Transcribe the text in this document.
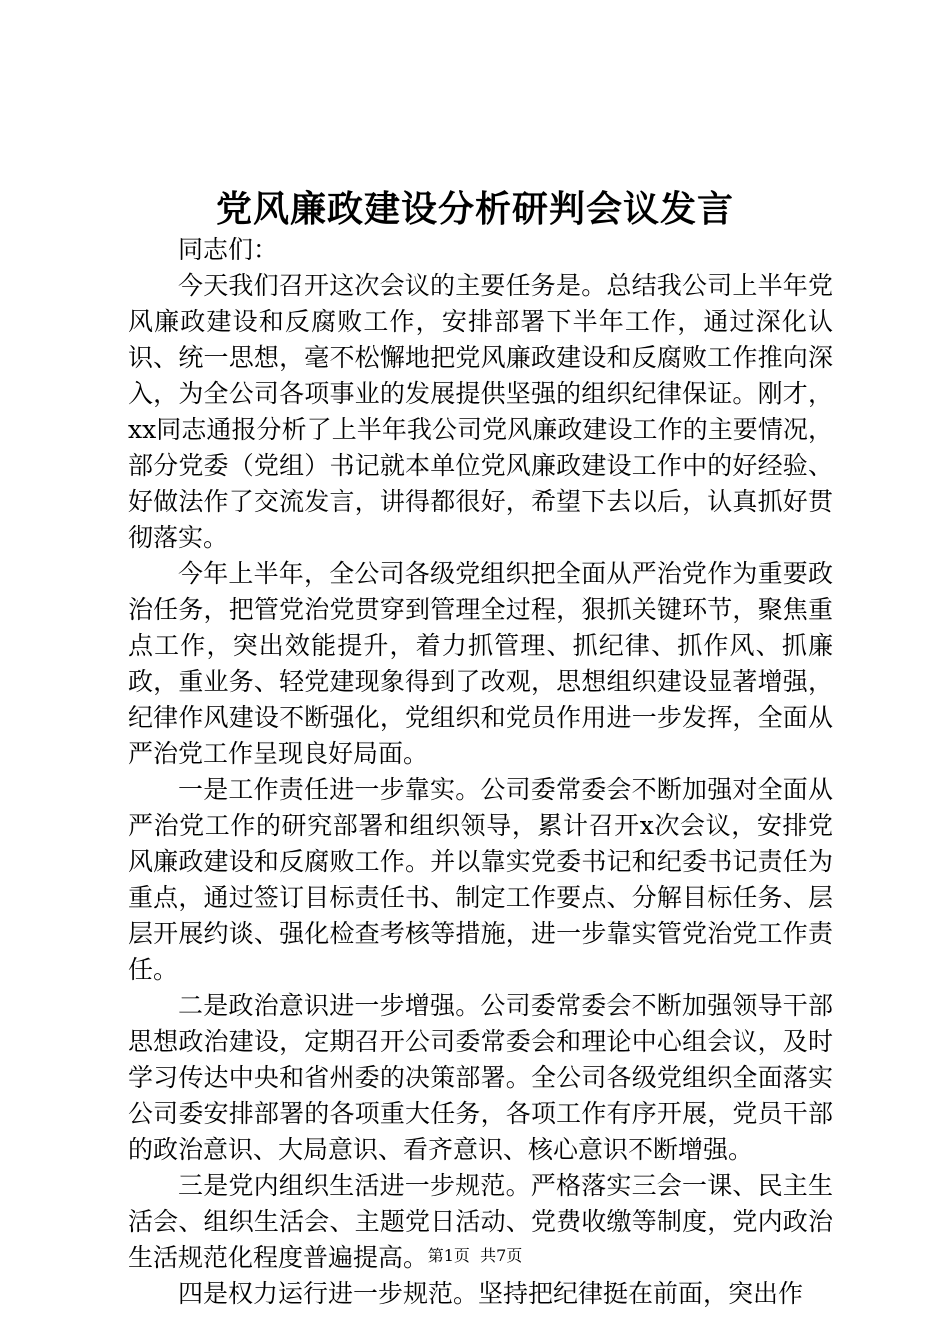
党风廉政建设分析研判会议发言

同志们：

今天我们召开这次会议的主要任务是。总结我公司上半年党风廉政建设和反腐败工作，安排部署下半年工作，通过深化认识、统一思想，毫不松懈地把党风廉政建设和反腐败工作推向深入，为全公司各项事业的发展提供坚强的组织纪律保证。刚才，xx同志通报分析了上半年我公司党风廉政建设工作的主要情况，部分党委（党组）书记就本单位党风廉政建设工作中的好经验、好做法作了交流发言，讲得都很好，希望下去以后，认真抓好贯彻落实。

今年上半年，全公司各级党组织把全面从严治党作为重要政治任务，把管党治党贯穿到管理全过程，狠抓关键环节，聚焦重点工作，突出效能提升，着力抓管理、抓纪律、抓作风、抓廉政，重业务、轻党建现象得到了改观，思想组织建设显著增强，纪律作风建设不断强化，党组织和党员作用进一步发挥，全面从严治党工作呈现良好局面。

一是工作责任进一步靠实。公司委常委会不断加强对全面从严治党工作的研究部署和组织领导，累计召开x次会议，安排党风廉政建设和反腐败工作。并以靠实党委书记和纪委书记责任为重点，通过签订目标责任书、制定工作要点、分解目标任务、层层开展约谈、强化检查考核等措施，进一步靠实管党治党工作责任。

二是政治意识进一步增强。公司委常委会不断加强领导干部思想政治建设，定期召开公司委常委会和理论中心组会议，及时学习传达中央和省州委的决策部署。全公司各级党组织全面落实公司委安排部署的各项重大任务，各项工作有序开展，党员干部的政治意识、大局意识、看齐意识、核心意识不断增强。

三是党内组织生活进一步规范。严格落实三会一课、民主生活会、组织生活会、主题党日活动、党费收缴等制度，党内政治生活规范化程度普遍提高。

四是权力运行进一步规范。坚持把纪律挺在前面，突出作

第1页 共7页
